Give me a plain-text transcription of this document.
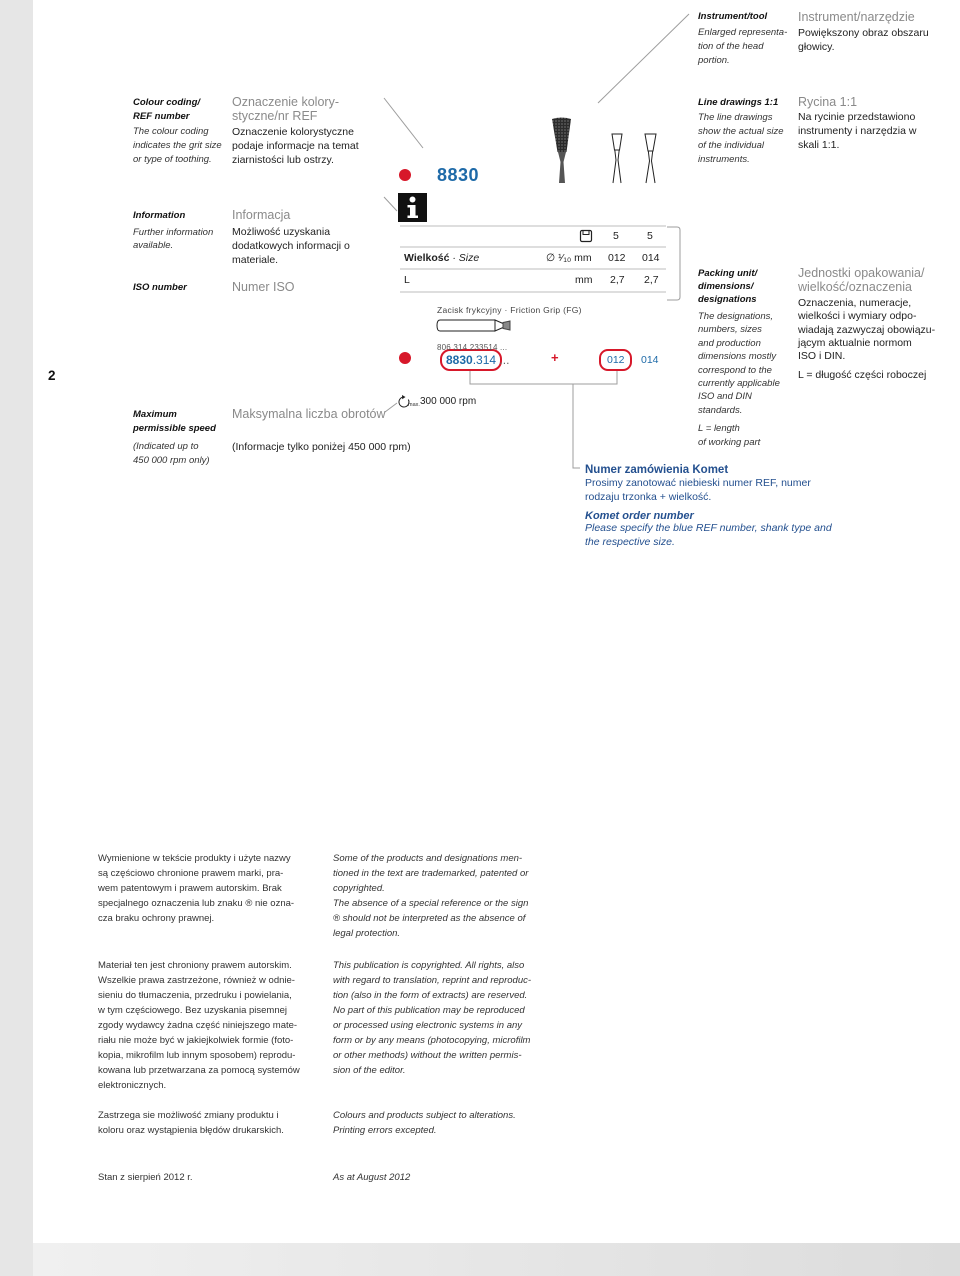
2
Instrument/tool
Enlarged representa-
tion of the head
portion.
Instrument/narzędzie
Powiększony obraz obszaru
głowicy.
Colour coding/
REF number
The colour coding
indicates the grit size
or type of toothing.
Oznaczenie kolory-
styczne/nr REF
Oznaczenie kolorystyczne
podaje informacje na temat
ziarnistości lub ostrzy.
8830
Line drawings 1:1
The line drawings
show the actual size
of the individual
instruments.
Rycina 1:1
Na rycinie przedstawiono
instrumenty i narzędzia w
skali 1:1.
Information
Further information
available.
Informacja
Możliwość uzyskania
dodatkowych informacji o
materiale.
5	5
Wielkość · Size	∅ ¹⁄₁₀ mm 012 014
L	mm 2,7 2,7
Zacisk frykcyjny · Friction Grip (FG)
806 314 233514 ...
8830.314 ...	+	012 014
max. 300 000 rpm
ISO number	Numer ISO
Maximum
permissible speed
(Indicated up to
450 000 rpm only)
Maksymalna liczba obrotów
(Informacje tylko poniżej 450 000 rpm)
Packing unit/
dimensions/
designations
The designations,
numbers, sizes
and production
dimensions mostly
correspond to the
currently applicable
ISO and DIN
standards.
L = length
of working part
Jednostki opakowania/
wielkość/oznaczenia
Oznaczenia, numeracje,
wielkości i wymiary odpo-
wiadają zazwyczaj obowiązu-
jącym aktualnie normom
ISO i DIN.
L = długość części roboczej
Numer zamówienia Komet
Prosimy zanotować niebieski numer REF, numer
rodzaju trzonka + wielkość.
Komet order number
Please specify the blue REF number, shank type and
the respective size.
Wymienione w tekście produkty i użyte nazwy
są częściowo chronione prawem marki, pra-
wem patentowym i prawem autorskim. Brak
specjalnego oznaczenia lub znaku ® nie ozna-
cza braku ochrony prawnej.
Some of the products and designations men-
tioned in the text are trademarked, patented or
copyrighted.
The absence of a special reference or the sign
® should not be interpreted as the absence of
legal protection.
Materiał ten jest chroniony prawem autorskim.
Wszelkie prawa zastrzeżone, również w odnie-
sieniu do tłumaczenia, przedruku i powielania,
w tym częściowego. Bez uzyskania pisemnej
zgody wydawcy żadna część niniejszego mate-
riału nie może być w jakiejkolwiek formie (foto-
kopia, mikrofilm lub innym sposobem) reprodu-
kowana lub przetwarzana za pomocą systemów
elektronicznych.
This publication is copyrighted. All rights, also
with regard to translation, reprint and reproduc-
tion (also in the form of extracts) are reserved.
No part of this publication may be reproduced
or processed using electronic systems in any
form or by any means (photocopying, microfilm
or other methods) without the written permis-
sion of the editor.
Zastrzega sie możliwość zmiany produktu i
koloru oraz wystąpienia błędów drukarskich.
Colours and products subject to alterations.
Printing errors excepted.
Stan z sierpień 2012 r.	As at August 2012
